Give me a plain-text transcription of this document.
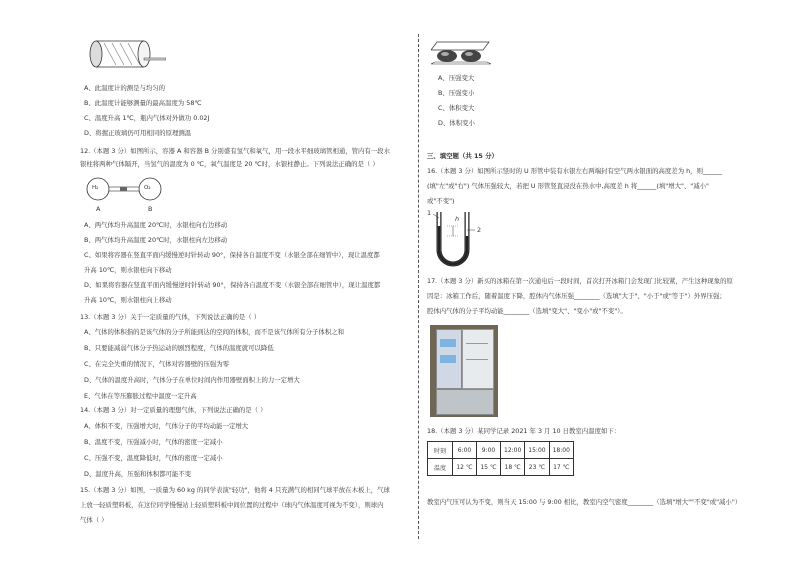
A、此温度计的测是与均匀的
B、此温度计能够测量的最高温度为 58℃
C、温度升高 1℃，瓶内气体对外做功 0.02J
D、将握正玻璃仍可用相同的原理测温
12.（本题 3 分）如图所示，容器 A 和容器 B 分别盛有氢气和氧气，用一段水平细玻璃管相通，管内有一段水
银柱将两种气体隔开，当氢气的温度为 0 ℃，氧气温度是 20 ℃时，水银柱静止。下列说法正确的是（ ）
H₂	O₂
A	B
A、两气体均升高温度 20℃时，水银柱向右边移动
B、两气体均升高温度 20℃时，水银柱向左边移动
C、如果将容器在竖直平面内缓慢逆时针转动 90°，保持各自温度不变（水银全部在细管中），现让温度都
升高 10℃，则水银柱向下移动
D、如果将容器在竖直平面内缓慢逆时针转动 90°，保持各自温度不变（水银全部在细管中），现让温度都
升高 10℃，则水银柱向上移动
13.（本题 3 分）关于一定质量的气体，下列说法正确的是（ ）
A、气体的体积指的是该气体的分子所能到达的空间的体积，而不是该气体所有分子体积之和
B、只要能减弱气体分子热运动的剧烈程度，气体的温度就可以降低
C、在完全失重的情况下，气体对容器壁的压强为零
D、气体的温度升高时，气体分子在单位时间内作用器壁面积上的力一定增大
E、气体在等压膨胀过程中温度一定升高
14.（本题 3 分）对一定质量的理想气体，下列说法正确的是（ ）
A、体积不变，压强增大时，气体分子的平均动能一定增大
B、温度不变，压强减小时，气体的密度一定减小
C、压强不变，温度降低时，气体的密度一定减小
D、温度升高，压强和体积都可能不变
15.（本题 3 分）如图，一质量为 60 kg 的同学表演"轻功"，他将 4 只充满气的相同气球平放在木板上，气球
上放一轻质塑料板，在这位同学慢慢站上轻质塑料板中间位置的过程中（球内气体温度可视为不变），则球内
气体（ ）
A、压强变大
B、压强变小
C、体积变大
D、体积变小
三、填空题（共 15 分）
16.（本题 3 分）如图所示竖时的 U 形管中装有水银左右两端封有空气两水银面的高度差为 h，则______
(填"左"或"右") 气体压强较大，若把 U 形管竖直浸没在热水中,高度差 h 将______(填"增大"、"减小"
或"不变")
1
2
h
17.（本题 3 分）新买的冰箱在第一次通电后一段时间，首次打开冰箱门会发现门比较紧，产生这种现象的原
因是：冰箱工作后，随着温度下降，腔体内气体压强________（选填"大于"、"小于"或"等于"）外界压强；
腔体内气体的分子平均动能________（选填"变大"、"变小"或"不变"）。
18.（本题 3 分）某同学记录 2021 年 3 月 10 日教室内温度如下：
时刻	6:00	9:00	12:00	15:00	18:00
温度	12 ℃	15 ℃	18 ℃	23 ℃	17 ℃
教室内气压可认为不变，则当天 15:00 与 9:00 相比，教室内空气密度________（选填"增大""不变"或"减小"）
